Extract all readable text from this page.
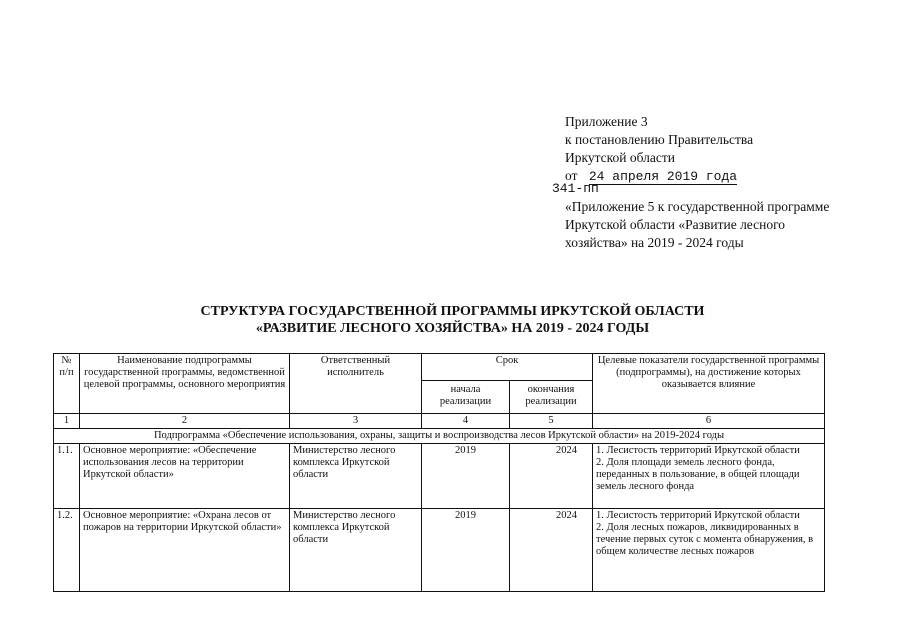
Приложение 3
к постановлению Правительства
Иркутской области
от 24 апреля 2019 года
341-пп
«Приложение 5 к государственной программе Иркутской области «Развитие лесного хозяйства» на 2019 - 2024 годы
СТРУКТУРА ГОСУДАРСТВЕННОЙ ПРОГРАММЫ ИРКУТСКОЙ ОБЛАСТИ
«РАЗВИТИЕ ЛЕСНОГО ХОЗЯЙСТВА» НА 2019 - 2024 ГОДЫ
№ п/п	Наименование подпрограммы государственной программы, ведомственной целевой программы, основного мероприятия	Ответственный исполнитель	Срок		Целевые показатели государственной программы (подпрограммы), на достижение которых оказывается влияние
			начала реализации	окончания реализации	
1	2	3	4	5	6
Подпрограмма «Обеспечение использования, охраны, защиты и воспроизводства лесов Иркутской области» на 2019-2024 годы					
1.1.	Основное мероприятие: «Обеспечение использования лесов на территории Иркутской области»	Министерство лесного комплекса Иркутской области	2019	2024	1. Лесистость территорий Иркутской области
2. Доля площади земель лесного фонда, переданных в пользование, в общей площади земель лесного фонда

1.2.	Основное мероприятие: «Охрана лесов от пожаров на территории Иркутской области»	Министерство лесного комплекса Иркутской области	2019	2024	1. Лесистость территорий Иркутской области
2. Доля лесных пожаров, ликвидированных в течение первых суток с момента обнаружения, в общем количестве лесных пожаров
